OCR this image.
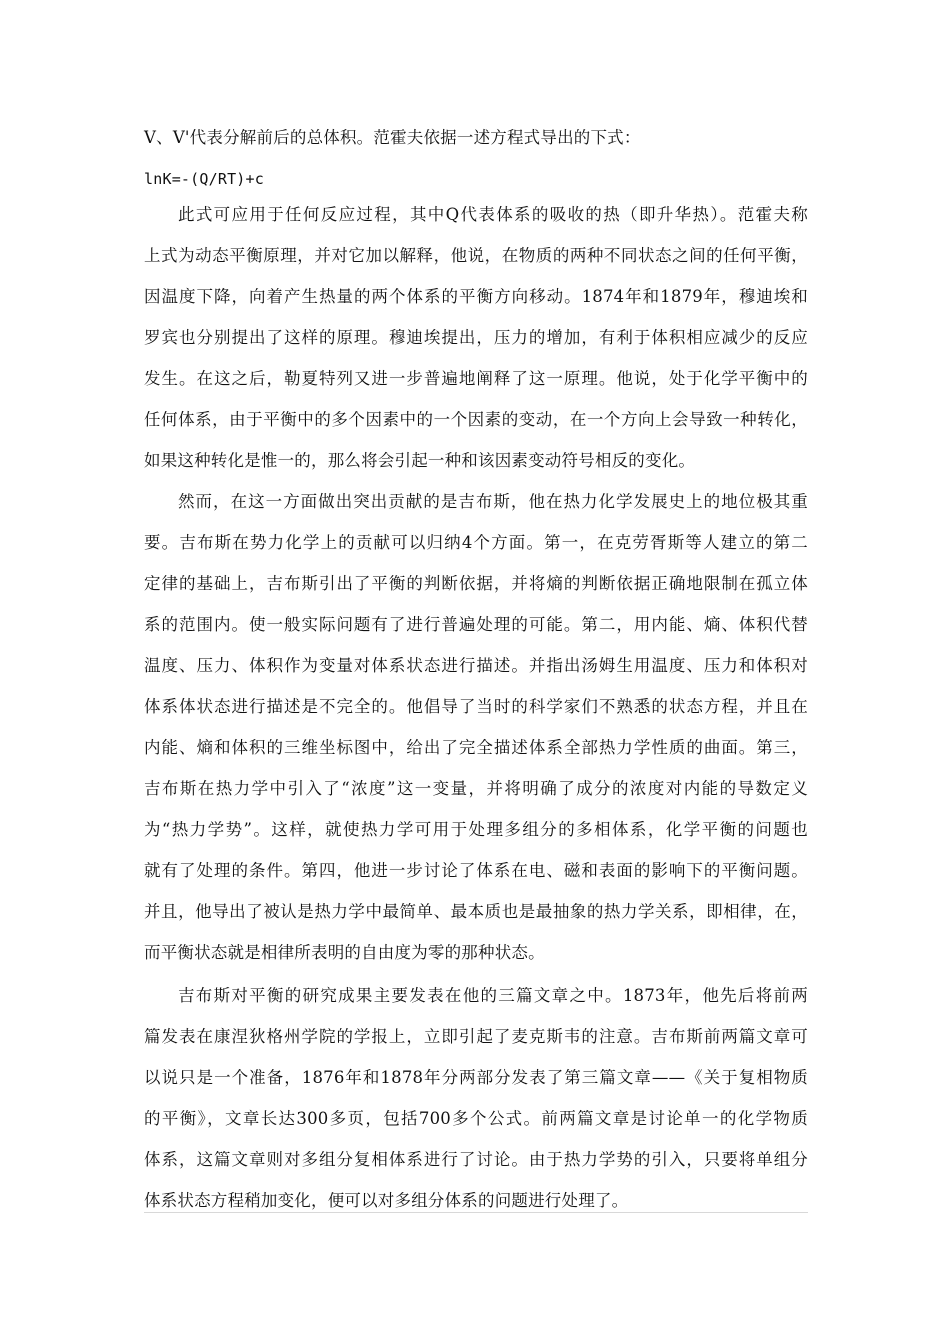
V、V'代表分解前后的总体积。范霍夫依据一述方程式导出的下式：
lnK=-(Q/RT)+c
此式可应用于任何反应过程，其中Q代表体系的吸收的热（即升华热）。范霍夫称
上式为动态平衡原理，并对它加以解释，他说，在物质的两种不同状态之间的任何平衡，
因温度下降，向着产生热量的两个体系的平衡方向移动。1874年和1879年，穆迪埃和
罗宾也分别提出了这样的原理。穆迪埃提出，压力的增加，有利于体积相应减少的反应
发生。在这之后，勒夏特列又进一步普遍地阐释了这一原理。他说，处于化学平衡中的
任何体系，由于平衡中的多个因素中的一个因素的变动，在一个方向上会导致一种转化，
如果这种转化是惟一的，那么将会引起一种和该因素变动符号相反的变化。
然而，在这一方面做出突出贡献的是吉布斯，他在热力化学发展史上的地位极其重
要。吉布斯在势力化学上的贡献可以归纳4个方面。第一，在克劳胥斯等人建立的第二
定律的基础上，吉布斯引出了平衡的判断依据，并将熵的判断依据正确地限制在孤立体
系的范围内。使一般实际问题有了进行普遍处理的可能。第二，用内能、熵、体积代替
温度、压力、体积作为变量对体系状态进行描述。并指出汤姆生用温度、压力和体积对
体系体状态进行描述是不完全的。他倡导了当时的科学家们不熟悉的状态方程，并且在
内能、熵和体积的三维坐标图中，给出了完全描述体系全部热力学性质的曲面。第三，
吉布斯在热力学中引入了“浓度”这一变量，并将明确了成分的浓度对内能的导数定义
为“热力学势”。这样，就使热力学可用于处理多组分的多相体系，化学平衡的问题也
就有了处理的条件。第四，他进一步讨论了体系在电、磁和表面的影响下的平衡问题。
并且，他导出了被认是热力学中最简单、最本质也是最抽象的热力学关系，即相律，在，
而平衡状态就是相律所表明的自由度为零的那种状态。
吉布斯对平衡的研究成果主要发表在他的三篇文章之中。1873年，他先后将前两
篇发表在康涅狄格州学院的学报上，立即引起了麦克斯韦的注意。吉布斯前两篇文章可
以说只是一个准备，1876年和1878年分两部分发表了第三篇文章——《关于复相物质
的平衡》，文章长达300多页，包括700多个公式。前两篇文章是讨论单一的化学物质
体系，这篇文章则对多组分复相体系进行了讨论。由于热力学势的引入，只要将单组分
体系状态方程稍加变化，便可以对多组分体系的问题进行处理了。
